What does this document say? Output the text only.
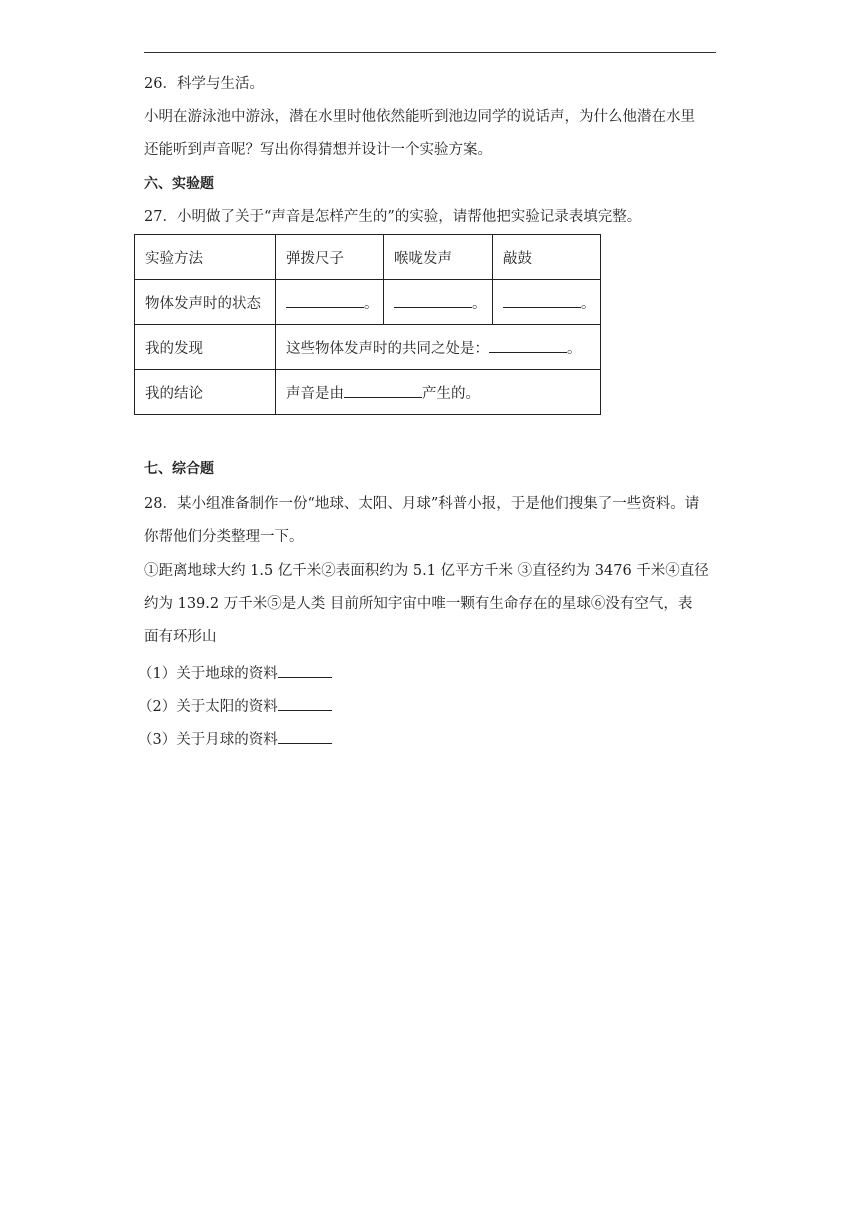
26．科学与生活。
小明在游泳池中游泳，潜在水里时他依然能听到池边同学的说话声，为什么他潜在水里
还能听到声音呢？写出你得猜想并设计一个实验方案。
六、实验题
27．小明做了关于“声音是怎样产生的”的实验，请帮他把实验记录表填完整。
实验方法	弹拨尺子	喉咙发声	敲鼓
物体发声时的状态	。	。	。
我的发现	这些物体发声时的共同之处是： 。		
我的结论	声音是由 产生的。		
七、综合题
28．某小组准备制作一份“地球、太阳、月球”科普小报，于是他们搜集了一些资料。请
你帮他们分类整理一下。
①距离地球大约 1.5 亿千米②表面积约为 5.1 亿平方千米 ③直径约为 3476 千米④直径
约为 139.2 万千米⑤是人类 目前所知宇宙中唯一颗有生命存在的星球⑥没有空气，表
面有环形山
（1）关于地球的资料
（2）关于太阳的资料
（3）关于月球的资料
